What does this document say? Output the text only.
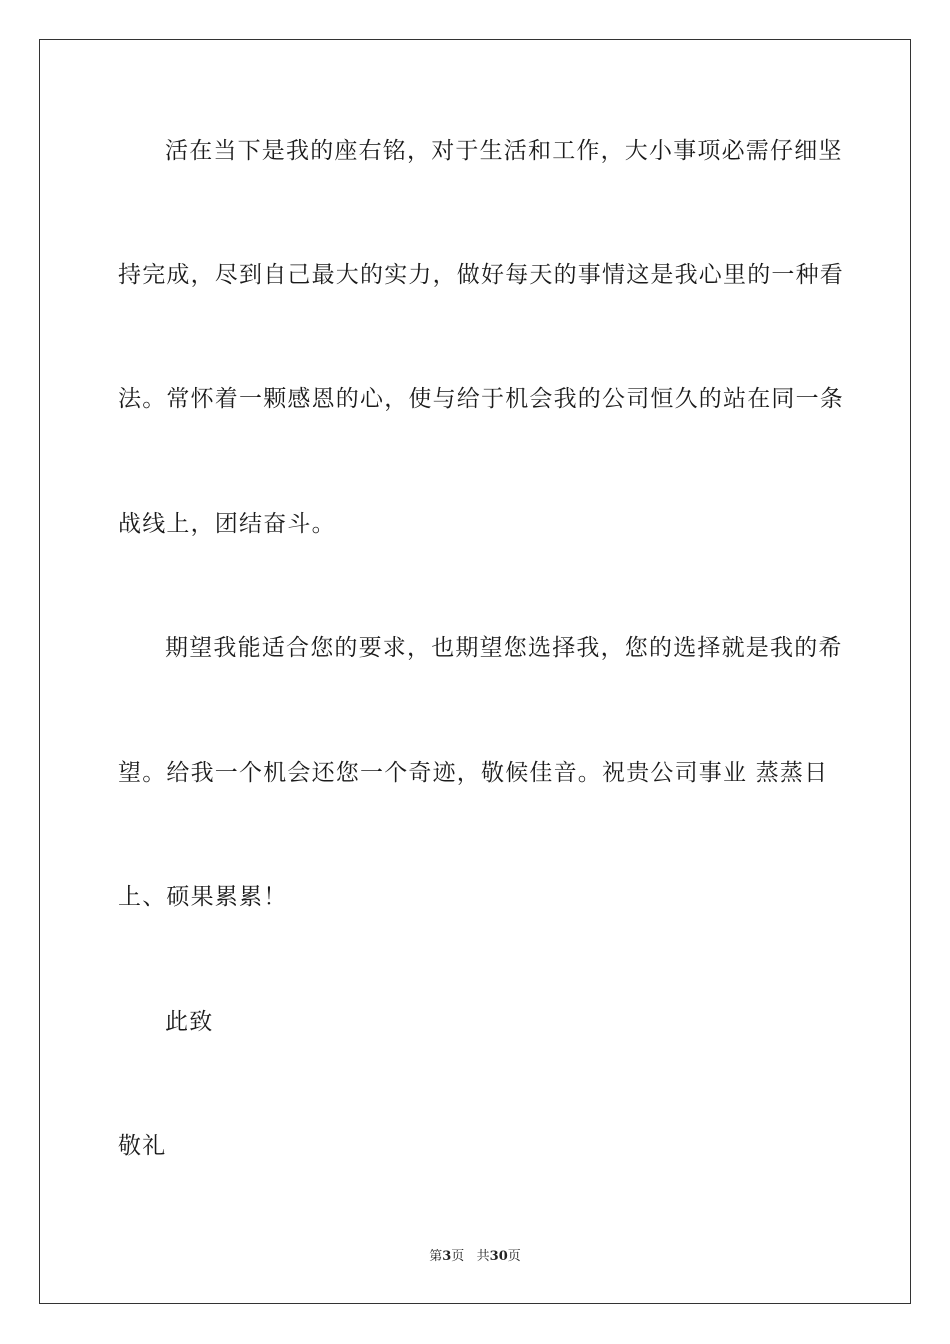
活在当下是我的座右铭，对于生活和工作，大小事项必需仔细坚
持完成，尽到自己最大的实力，做好每天的事情这是我心里的一种看
法。常怀着一颗感恩的心，使与给于机会我的公司恒久的站在同一条
战线上，团结奋斗。
期望我能适合您的要求，也期望您选择我，您的选择就是我的希
望。给我一个机会还您一个奇迹，敬候佳音。祝贵公司事业 蒸蒸日
上、硕果累累！
此致
敬礼
第3页   共30页
